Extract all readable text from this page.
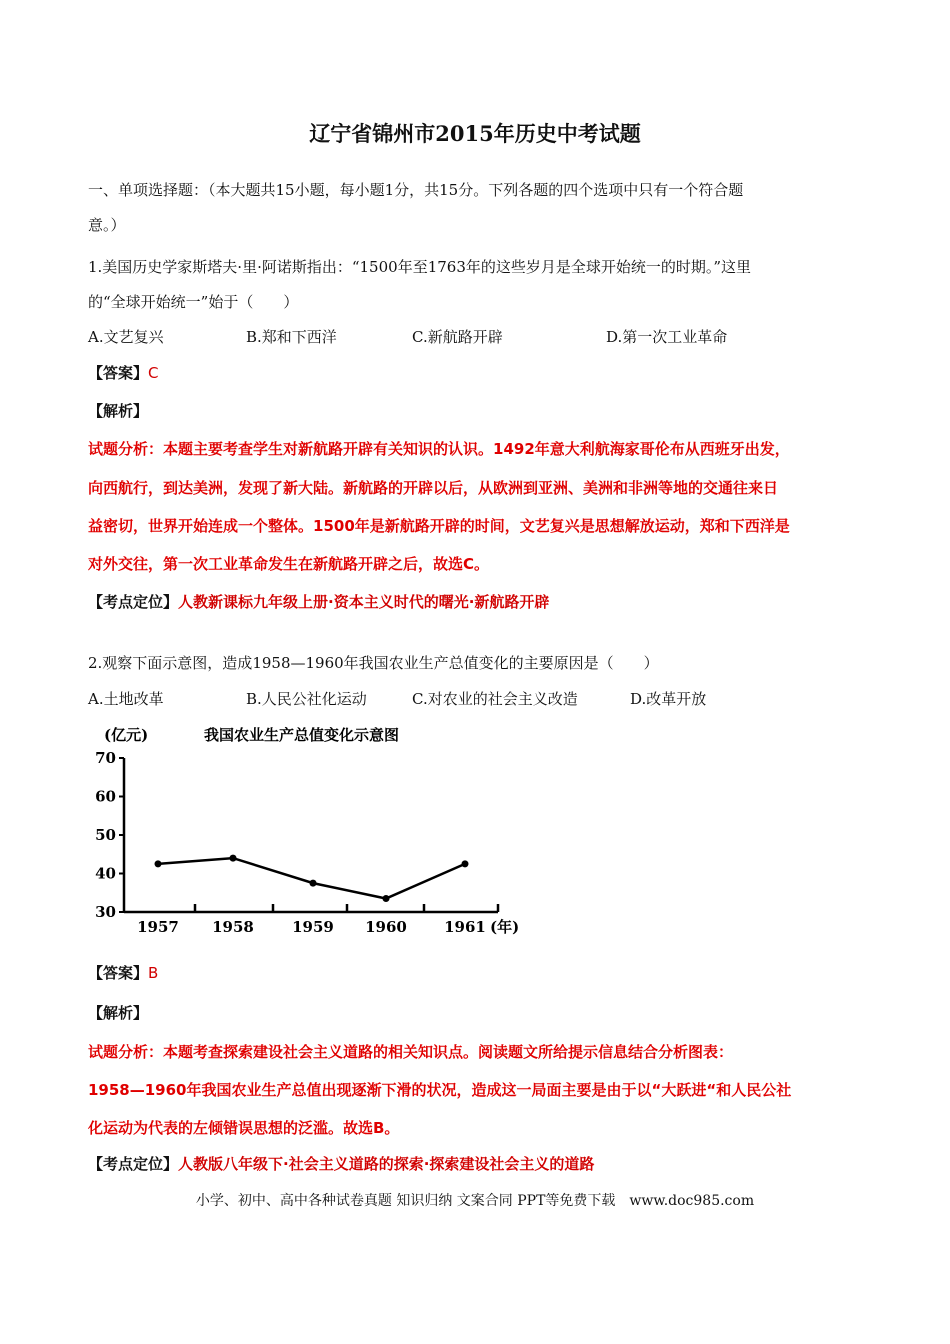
辽宁省锦州市2015年历史中考试题
一、单项选择题：（本大题共15小题，每小题1分，共15分。下列各题的四个选项中只有一个符合题
意。）
1.美国历史学家斯塔夫·里·阿诺斯指出：“1500年至1763年的这些岁月是全球开始统一的时期。”这里
的“全球开始统一”始于（　　）
A.文艺复兴	B.郑和下西洋	C.新航路开辟	D.第一次工业革命
【答案】C
【解析】
试题分析：本题主要考查学生对新航路开辟有关知识的认识。1492年意大利航海家哥伦布从西班牙出发，
向西航行，到达美洲，发现了新大陆。新航路的开辟以后，从欧洲到亚洲、美洲和非洲等地的交通往来日
益密切，世界开始连成一个整体。1500年是新航路开辟的时间，文艺复兴是思想解放运动，郑和下西洋是
对外交往，第一次工业革命发生在新航路开辟之后，故选C。
【考点定位】人教新课标九年级上册·资本主义时代的曙光·新航路开辟
2.观察下面示意图，造成1958—1960年我国农业生产总值变化的主要原因是（　　）
A.土地改革	B.人民公社化运动	C.对农业的社会主义改造	D.改革开放
(亿元)	我国农业生产总值变化示意图
(年)
30
40
50
60
70
1957 1958	1959 1960 1961
【答案】B
【解析】
试题分析：本题考查探索建设社会主义道路的相关知识点。阅读题文所给提示信息结合分析图表：
1958—1960年我国农业生产总值出现逐渐下滑的状况，造成这一局面主要是由于以“大跃进“和人民公社
化运动为代表的左倾错误思想的泛滥。故选B。
【考点定位】人教版八年级下·社会主义道路的探索·探索建设社会主义的道路
小学、初中、高中各种试卷真题 知识归纳 文案合同 PPT等免费下载　www.doc985.com
